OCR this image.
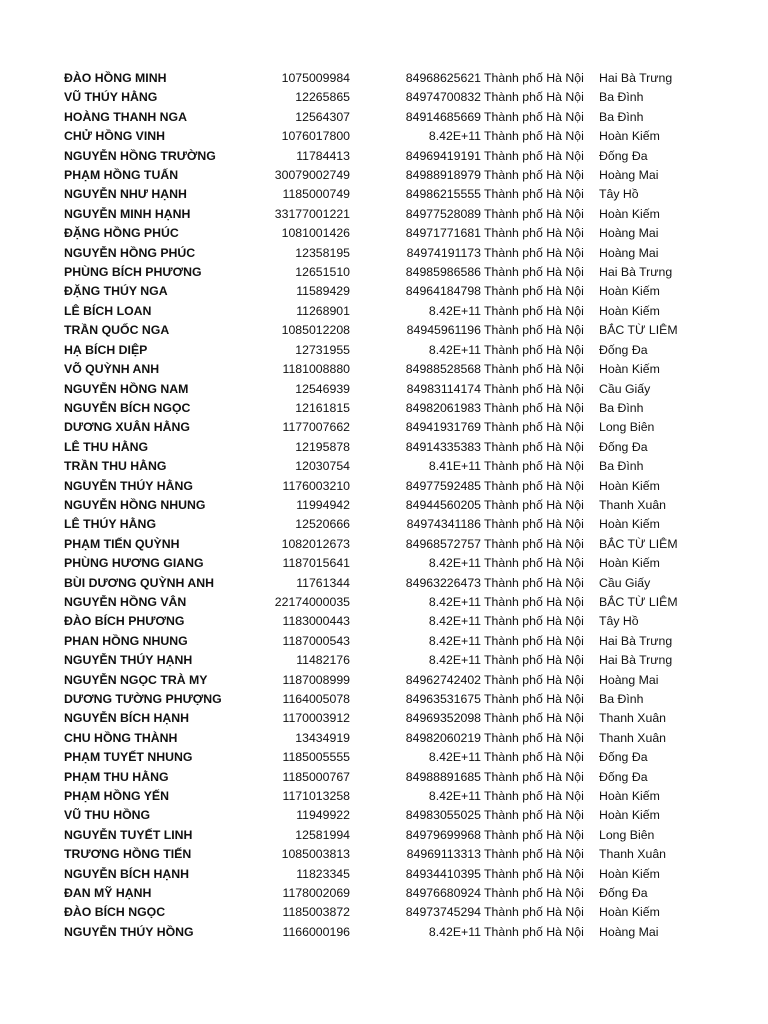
ĐÀO HỒNG MINH	1075009984	84968625621 Thành phố Hà Nội	Hai Bà Trưng
VŨ THÚY HẰNG	12265865	84974700832 Thành phố Hà Nội	Ba Đình
HOÀNG THANH NGA	12564307	84914685669 Thành phố Hà Nội	Ba Đình
CHỬ HỒNG VINH	1076017800	8.42E+11 Thành phố Hà Nội	Hoàn Kiếm
NGUYỄN HỒNG TRƯỜNG	11784413	84969419191 Thành phố Hà Nội	Đống Đa
PHẠM HỒNG TUẤN	30079002749	84988918979 Thành phố Hà Nội	Hoàng Mai
NGUYỄN NHƯ HẠNH	1185000749	84986215555 Thành phố Hà Nội	Tây Hồ
NGUYỄN MINH HẠNH	33177001221	84977528089 Thành phố Hà Nội	Hoàn Kiếm
ĐẶNG HỒNG PHÚC	1081001426	84971771681 Thành phố Hà Nội	Hoàng Mai
NGUYỄN HỒNG PHÚC	12358195	84974191173 Thành phố Hà Nội	Hoàng Mai
PHÙNG BÍCH PHƯƠNG	12651510	84985986586 Thành phố Hà Nội	Hai Bà Trưng
ĐẶNG THÚY NGA	11589429	84964184798 Thành phố Hà Nội	Hoàn Kiếm
LÊ BÍCH LOAN	11268901	8.42E+11 Thành phố Hà Nội	Hoàn Kiếm
TRẦN QUỐC NGA	1085012208	84945961196 Thành phố Hà Nội	BẮC TỪ LIÊM
HẠ BÍCH DIỆP	12731955	8.42E+11 Thành phố Hà Nội	Đống Đa
VÕ QUỲNH ANH	1181008880	84988528568 Thành phố Hà Nội	Hoàn Kiếm
NGUYỄN HỒNG NAM	12546939	84983114174 Thành phố Hà Nội	Cầu Giấy
NGUYỄN BÍCH NGỌC	12161815	84982061983 Thành phố Hà Nội	Ba Đình
DƯƠNG XUÂN HẰNG	1177007662	84941931769 Thành phố Hà Nội	Long Biên
LÊ THU HẰNG	12195878	84914335383 Thành phố Hà Nội	Đống Đa
TRẦN THU HẰNG	12030754	8.41E+11 Thành phố Hà Nội	Ba Đình
NGUYỄN THÚY HẰNG	1176003210	84977592485 Thành phố Hà Nội	Hoàn Kiếm
NGUYỄN HỒNG NHUNG	11994942	84944560205 Thành phố Hà Nội	Thanh Xuân
LÊ THÚY HẰNG	12520666	84974341186 Thành phố Hà Nội	Hoàn Kiếm
PHẠM TIẾN QUỲNH	1082012673	84968572757 Thành phố Hà Nội	BẮC TỪ LIÊM
PHÙNG HƯƠNG GIANG	1187015641	8.42E+11 Thành phố Hà Nội	Hoàn Kiếm
BÙI DƯƠNG QUỲNH ANH	11761344	84963226473 Thành phố Hà Nội	Cầu Giấy
NGUYỄN HỒNG VÂN	22174000035	8.42E+11 Thành phố Hà Nội	BẮC TỪ LIÊM
ĐÀO BÍCH PHƯƠNG	1183000443	8.42E+11 Thành phố Hà Nội	Tây Hồ
PHAN HỒNG NHUNG	1187000543	8.42E+11 Thành phố Hà Nội	Hai Bà Trưng
NGUYỄN THÚY HẠNH	11482176	8.42E+11 Thành phố Hà Nội	Hai Bà Trưng
NGUYỄN NGỌC TRÀ MY	1187008999	84962742402 Thành phố Hà Nội	Hoàng Mai
DƯƠNG TƯỜNG PHƯỢNG	1164005078	84963531675 Thành phố Hà Nội	Ba Đình
NGUYỄN BÍCH HẠNH	1170003912	84969352098 Thành phố Hà Nội	Thanh Xuân
CHU HỒNG THÀNH	13434919	84982060219 Thành phố Hà Nội	Thanh Xuân
PHẠM TUYẾT NHUNG	1185005555	8.42E+11 Thành phố Hà Nội	Đống Đa
PHẠM THU HẰNG	1185000767	84988891685 Thành phố Hà Nội	Đống Đa
PHẠM HỒNG YẾN	1171013258	8.42E+11 Thành phố Hà Nội	Hoàn Kiếm
VŨ THU HỒNG	11949922	84983055025 Thành phố Hà Nội	Hoàn Kiếm
NGUYỄN TUYẾT LINH	12581994	84979699968 Thành phố Hà Nội	Long Biên
TRƯƠNG HỒNG TIẾN	1085003813	84969113313 Thành phố Hà Nội	Thanh Xuân
NGUYỄN BÍCH HẠNH	11823345	84934410395 Thành phố Hà Nội	Hoàn Kiếm
ĐAN MỸ HẠNH	1178002069	84976680924 Thành phố Hà Nội	Đống Đa
ĐÀO BÍCH NGỌC	1185003872	84973745294 Thành phố Hà Nội	Hoàn Kiếm
NGUYỄN THÚY HỒNG	1166000196	8.42E+11 Thành phố Hà Nội	Hoàng Mai
